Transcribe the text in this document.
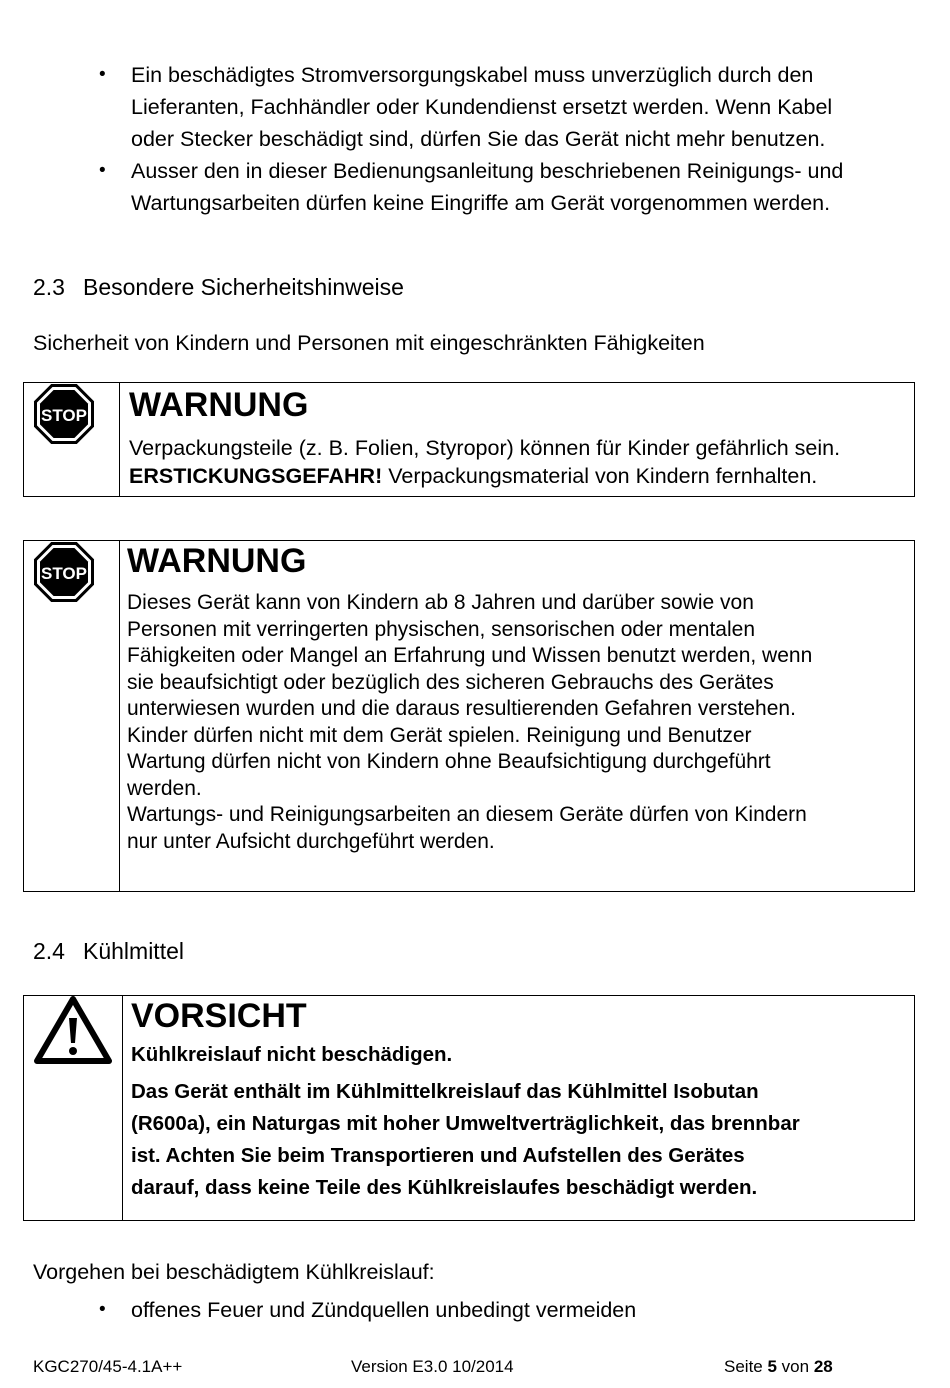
• Ein beschädigtes Stromversorgungskabel muss unverzüglich durch den
Lieferanten, Fachhändler oder Kundendienst ersetzt werden. Wenn Kabel
oder Stecker beschädigt sind, dürfen Sie das Gerät nicht mehr benutzen.
• Ausser den in dieser Bedienungsanleitung beschriebenen Reinigungs- und
Wartungsarbeiten dürfen keine Eingriffe am Gerät vorgenommen werden.
2.3 Besondere Sicherheitshinweise

Sicherheit von Kindern und Personen mit eingeschränkten Fähigkeiten

STOP WARNUNG

Verpackungsteile (z. B. Folien, Styropor) können für Kinder gefährlich sein.

ERSTICKUNGSGEFAHR! Verpackungsmaterial von Kindern fernhalten.

STOP WARNUNG

Dieses Gerät kann von Kindern ab 8 Jahren und darüber sowie von

Personen mit verringerten physischen, sensorischen oder mentalen

Fähigkeiten oder Mangel an Erfahrung und Wissen benutzt werden, wenn

sie beaufsichtigt oder bezüglich des sicheren Gebrauchs des Gerätes

unterwiesen wurden und die daraus resultierenden Gefahren verstehen.

Kinder dürfen nicht mit dem Gerät spielen. Reinigung und Benutzer

Wartung dürfen nicht von Kindern ohne Beaufsichtigung durchgeführt

werden.

Wartungs- und Reinigungsarbeiten an diesem Geräte dürfen von Kindern

nur unter Aufsicht durchgeführt werden.

2.4 Kühlmittel
VORSICHT

Kühlkreislauf nicht beschädigen.

Das Gerät enthält im Kühlmittelkreislauf das Kühlmittel Isobutan

(R600a), ein Naturgas mit hoher Umweltverträglichkeit, das brennbar

ist. Achten Sie beim Transportieren und Aufstellen des Gerätes

darauf, dass keine Teile des Kühlkreislaufes beschädigt werden.

Vorgehen bei beschädigtem Kühlkreislauf:

• offenes Feuer und Zündquellen unbedingt vermeiden
KGC270/45-4.1A++	Version E3.0 10/2014	Seite 5 von 28
